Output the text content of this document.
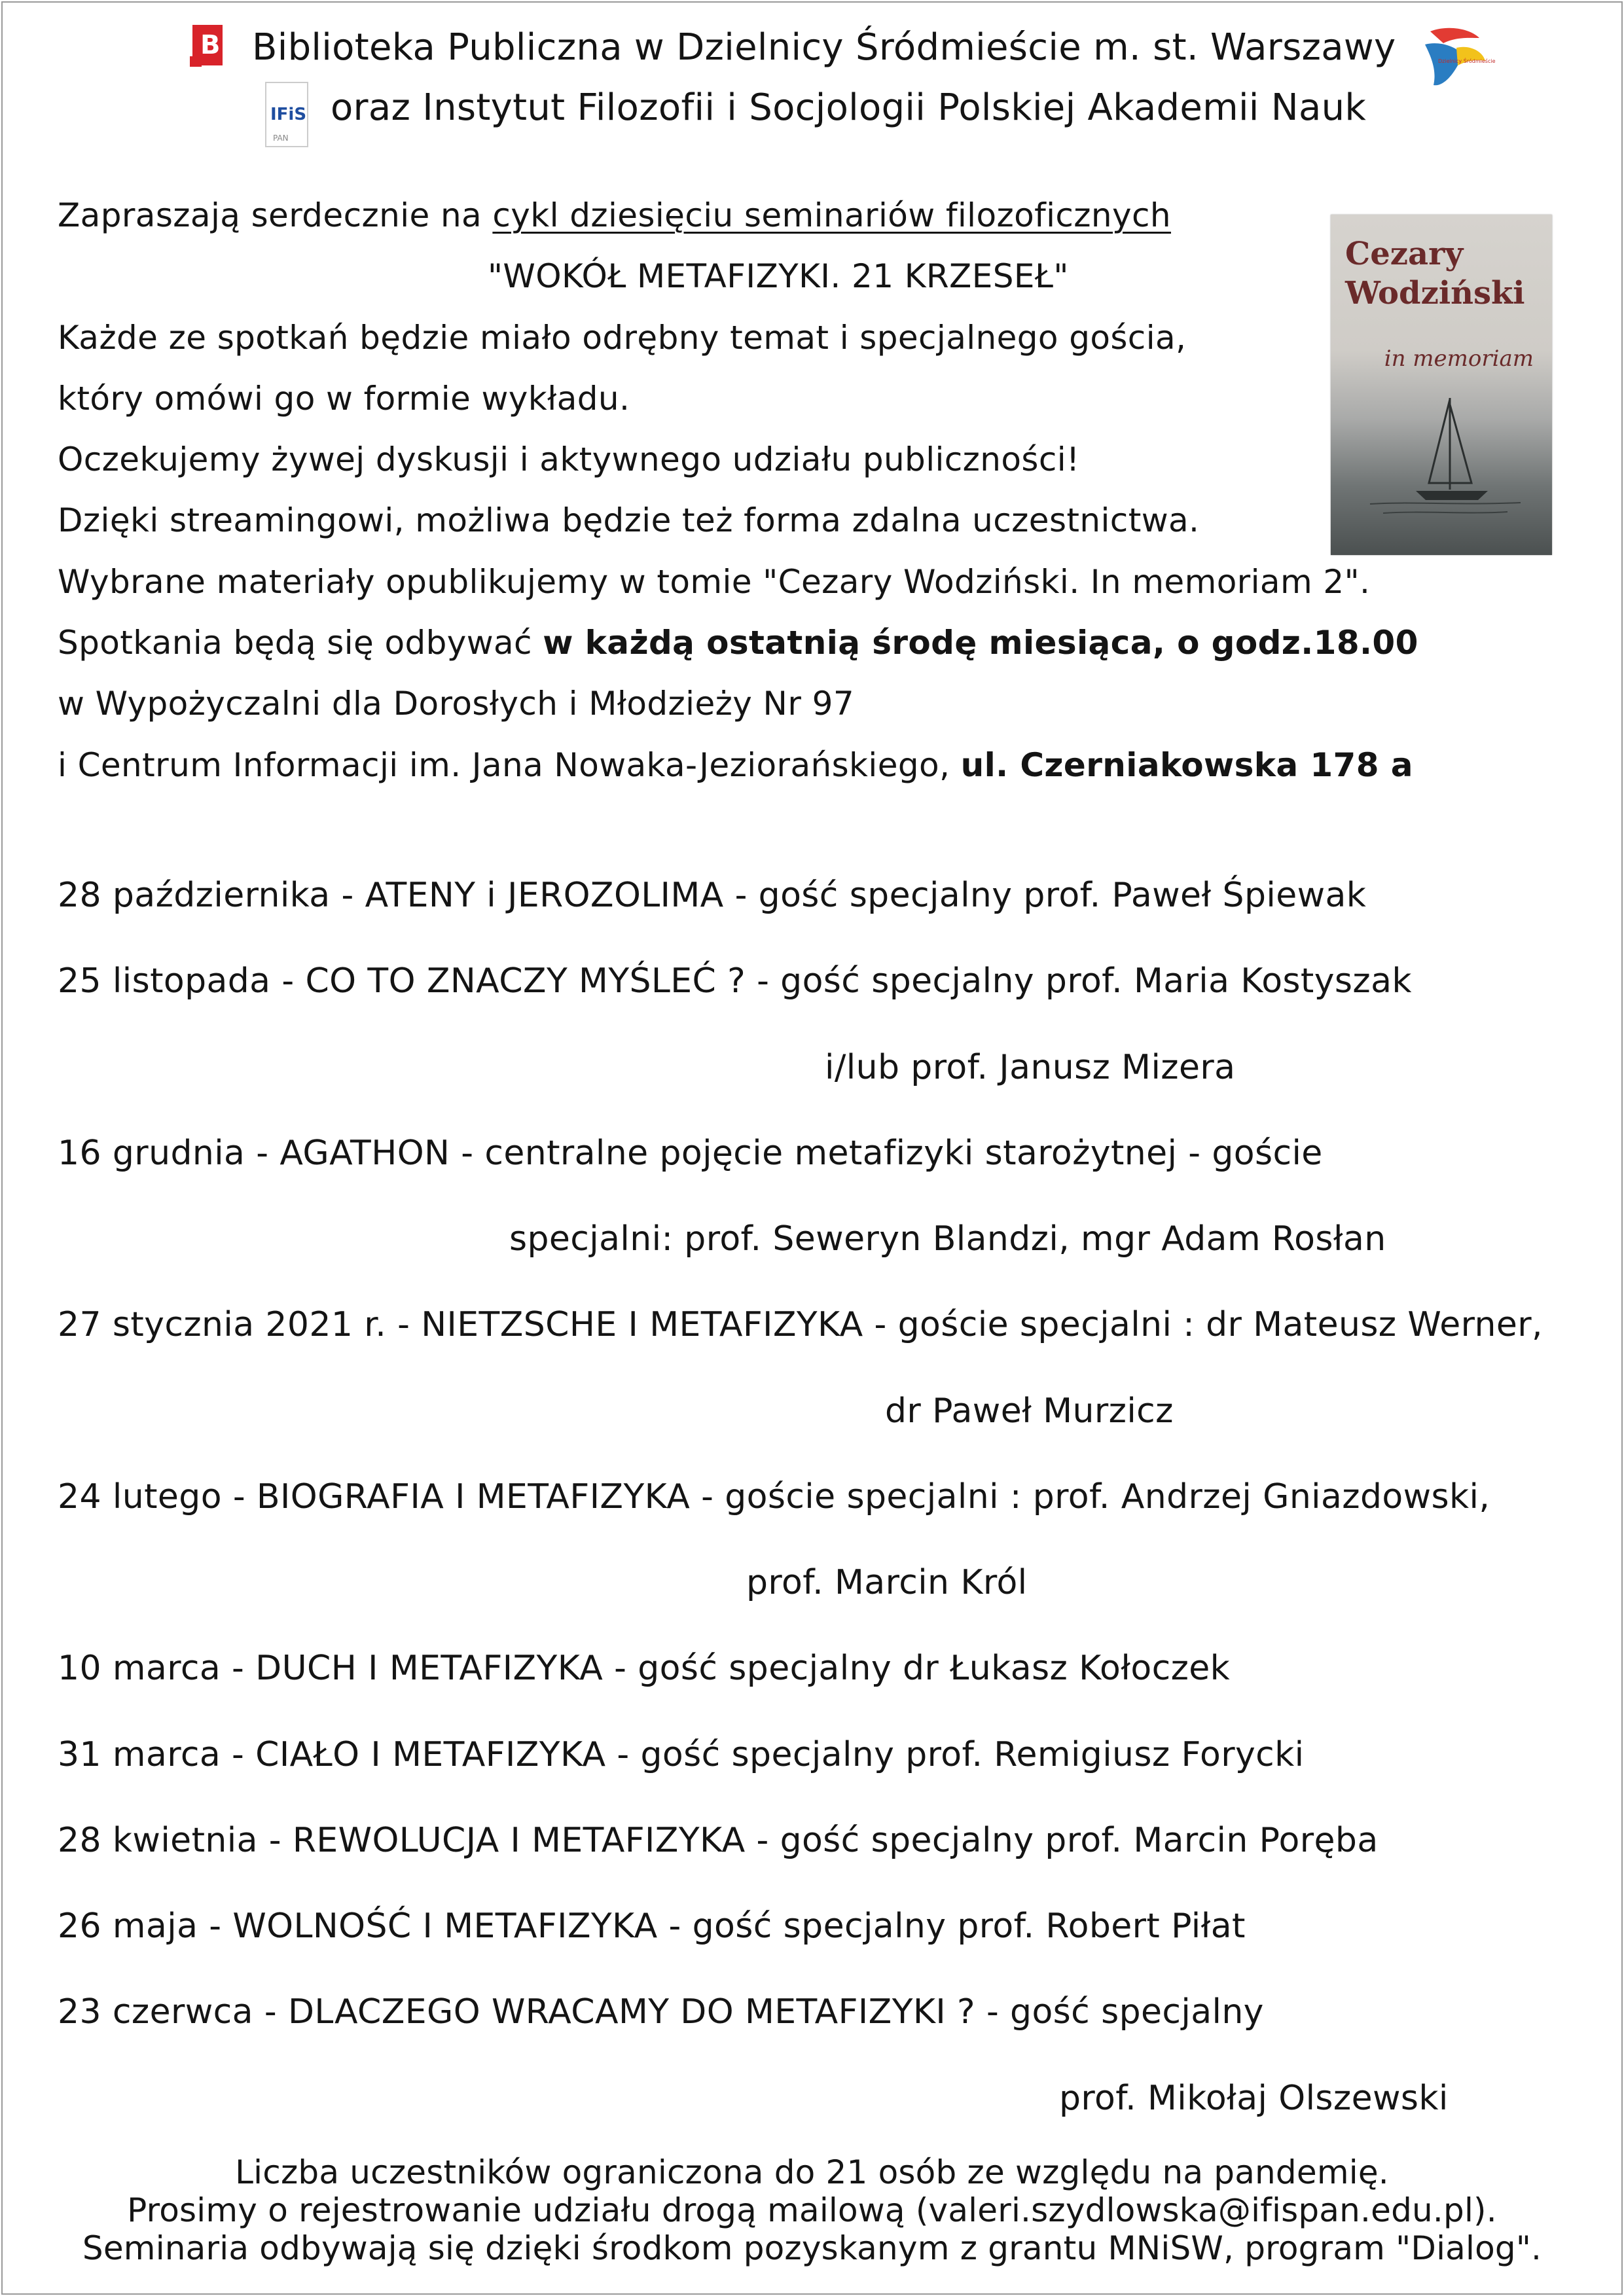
B
IFiS
PAN
Dzielnicy Śródmieście
Biblioteka Publiczna w Dzielnicy Śródmieście m. st. Warszawy
oraz Instytut Filozofii i Socjologii Polskiej Akademii Nauk
Zapraszają serdecznie na cykl dziesięciu seminariów filozoficznych
"WOKÓŁ METAFIZYKI. 21 KRZESEŁ"
Każde ze spotkań będzie miało odrębny temat i specjalnego gościa,
który omówi go w formie wykładu.
Oczekujemy żywej dyskusji i aktywnego udziału publiczności!
Dzięki streamingowi, możliwa będzie też forma zdalna uczestnictwa.
Wybrane materiały opublikujemy w tomie "Cezary Wodziński. In memoriam 2".
Spotkania będą się odbywać w każdą ostatnią środę miesiąca, o godz.18.00
w Wypożyczalni dla Dorosłych i Młodzieży Nr 97
i Centrum Informacji im. Jana Nowaka-Jeziorańskiego, ul. Czerniakowska 178 a
Cezary Wodziński
in memoriam
28 października - ATENY i JEROZOLIMA - gość specjalny prof. Paweł Śpiewak
25 listopada - CO TO ZNACZY MYŚLEĆ ? - gość specjalny prof. Maria Kostyszak
i/lub prof. Janusz Mizera
16 grudnia - AGATHON - centralne pojęcie metafizyki starożytnej - goście
specjalni: prof. Seweryn Blandzi, mgr Adam Rosłan
27 stycznia 2021 r. - NIETZSCHE I METAFIZYKA - goście specjalni : dr Mateusz Werner,
dr Paweł Murzicz
24 lutego - BIOGRAFIA I METAFIZYKA - goście specjalni : prof. Andrzej Gniazdowski,
prof. Marcin Król
10 marca - DUCH I METAFIZYKA - gość specjalny dr Łukasz Kołoczek
31 marca - CIAŁO I METAFIZYKA - gość specjalny prof. Remigiusz Forycki
28 kwietnia - REWOLUCJA I METAFIZYKA - gość specjalny prof. Marcin Poręba
26 maja - WOLNOŚĆ I METAFIZYKA - gość specjalny prof. Robert Piłat
23 czerwca - DLACZEGO WRACAMY DO METAFIZYKI ? - gość specjalny
prof. Mikołaj Olszewski
Liczba uczestników ograniczona do 21 osób ze względu na pandemię.
Prosimy o rejestrowanie udziału drogą mailową (valeri.szydlowska@ifispan.edu.pl).
Seminaria odbywają się dzięki środkom pozyskanym z grantu MNiSW, program "Dialog".
